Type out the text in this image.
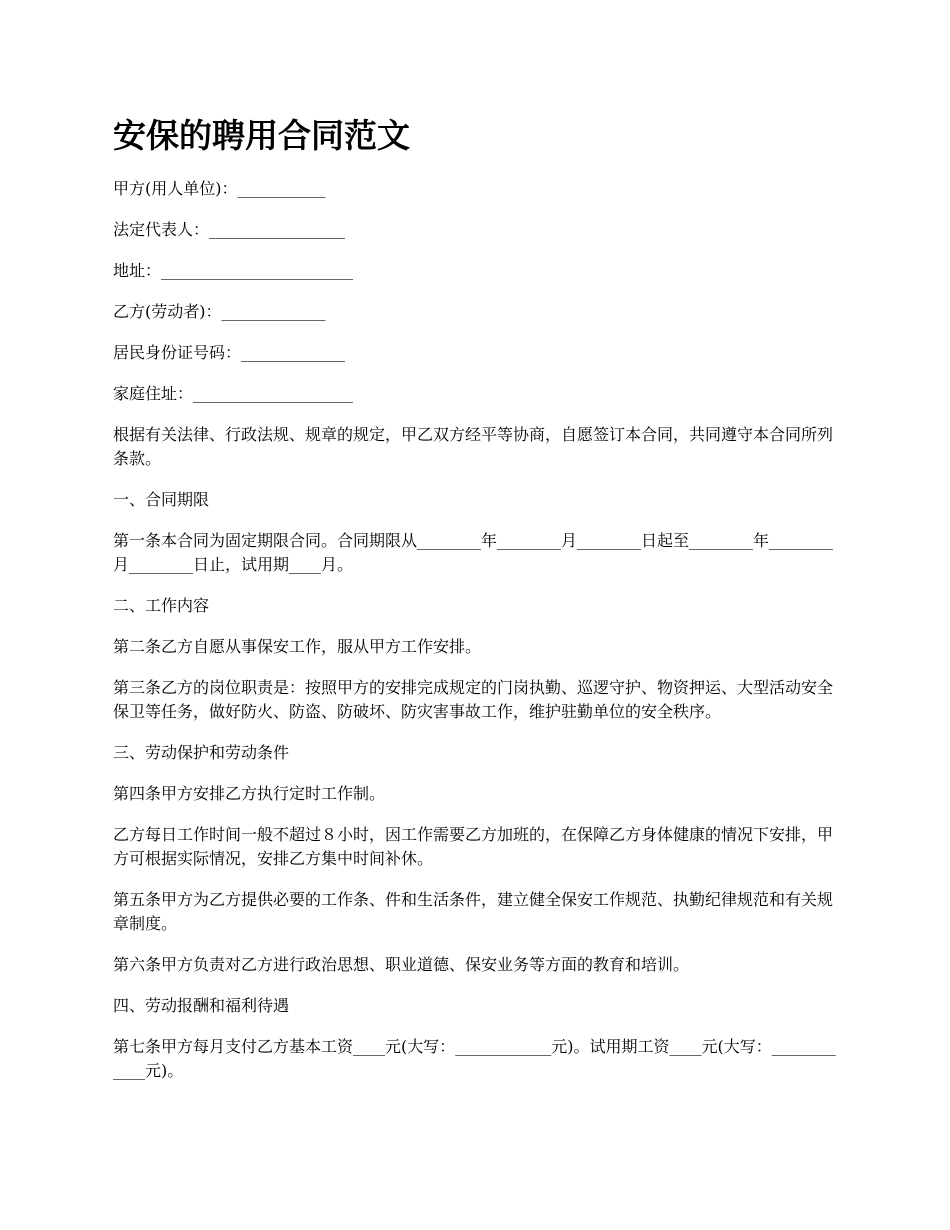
安保的聘用合同范文

甲方(用人单位)：___________

法定代表人：_________________

地址：________________________

乙方(劳动者)：_____________

居民身份证号码：_____________

家庭住址：____________________

根据有关法律、行政法规、规章的规定，甲乙双方经平等协商，自愿签订本合同，共同遵守本合同所列条款。

一、合同期限

第一条本合同为固定期限合同。合同期限从________年________月________日起至________年________月________日止，试用期____月。

二、工作内容

第二条乙方自愿从事保安工作，服从甲方工作安排。

第三条乙方的岗位职责是：按照甲方的安排完成规定的门岗执勤、巡逻守护、物资押运、大型活动安全保卫等任务，做好防火、防盗、防破坏、防灾害事故工作，维护驻勤单位的安全秩序。

三、劳动保护和劳动条件

第四条甲方安排乙方执行定时工作制。

乙方每日工作时间一般不超过８小时，因工作需要乙方加班的，在保障乙方身体健康的情况下安排，甲方可根据实际情况，安排乙方集中时间补休。

第五条甲方为乙方提供必要的工作条、件和生活条件，建立健全保安工作规范、执勤纪律规范和有关规章制度。

第六条甲方负责对乙方进行政治思想、职业道德、保安业务等方面的教育和培训。

四、劳动报酬和福利待遇

第七条甲方每月支付乙方基本工资____元(大写：____________元)。试用期工资____元(大写：____________元)。
